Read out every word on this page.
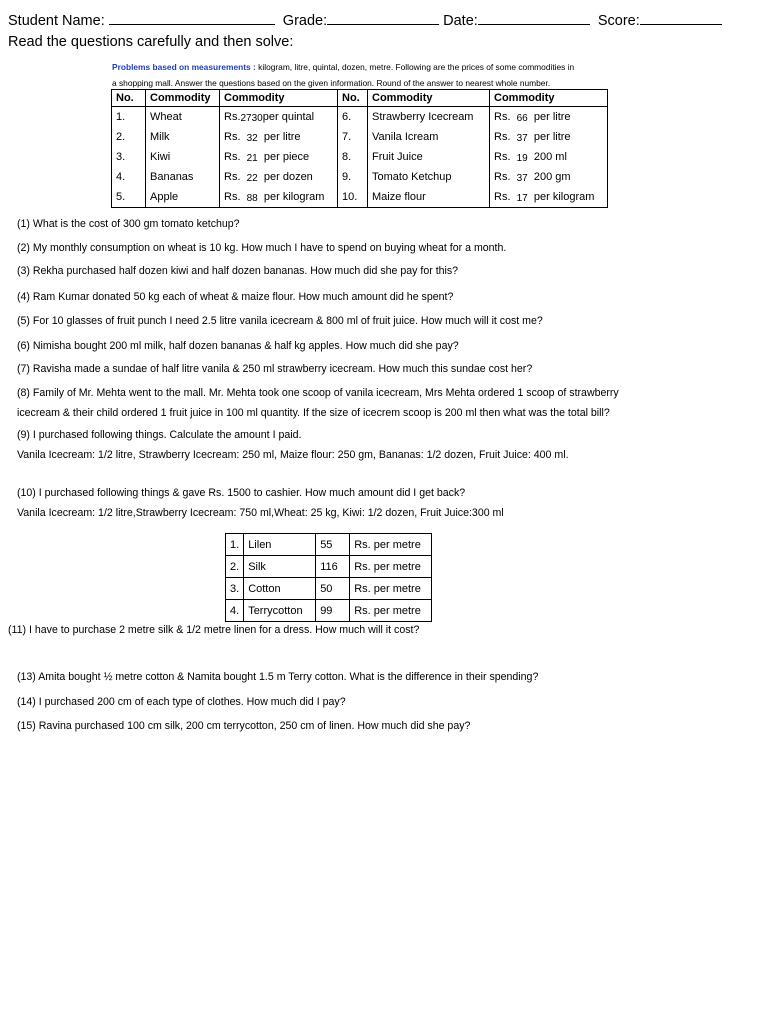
Student Name:	Grade:	Date:	Score:
Read the questions carefully and then solve:
Problems based on measurements : kilogram, litre, quintal, dozen, metre. Following are the prices of some commodities in
a shopping mall. Answer the questions based on the given information. Round of the answer to nearest whole number.
No.	Commodity	Commodity	No.	Commodity	Commodity
1.	Wheat	Rs.2730per quintal	6.	Strawberry Icecream	Rs. 66 per litre
2.	Milk	Rs. 32 per litre	7.	Vanila Icream	Rs. 37 per litre
3.	Kiwi	Rs. 21 per piece	8.	Fruit Juice	Rs. 19 200 ml
4.	Bananas	Rs. 22 per dozen	9.	Tomato Ketchup	Rs. 37 200 gm
5.	Apple	Rs. 88 per kilogram	10.	Maize flour	Rs. 17 per kilogram
(1) What is the cost of 300 gm tomato ketchup?
(2) My monthly consumption on wheat is 10 kg. How much I have to spend on buying wheat for a month.
(3) Rekha purchased half dozen kiwi and half dozen bananas. How much did she pay for this?
(4) Ram Kumar donated 50 kg each of wheat & maize flour. How much amount did he spent?
(5) For 10 glasses of fruit punch I need 2.5 litre vanila icecream & 800 ml of fruit juice. How much will it cost me?
(6) Nimisha bought 200 ml milk, half dozen bananas & half kg apples. How much did she pay?
(7) Ravisha made a sundae of half litre vanila & 250 ml strawberry icecream. How much this sundae cost her?
(8) Family of Mr. Mehta went to the mall. Mr. Mehta took one scoop of vanila icecream, Mrs Mehta ordered 1 scoop of strawberry
icecream & their child ordered 1 fruit juice in 100 ml quantity. If the size of icecrem scoop is 200 ml then what was the total bill?
(9) I purchased following things. Calculate the amount I paid.
Vanila Icecream: 1/2 litre, Strawberry Icecream: 250 ml, Maize flour: 250 gm, Bananas: 1/2 dozen, Fruit Juice: 400 ml.
(10) I purchased following things & gave Rs. 1500 to cashier. How much amount did I get back?
Vanila Icecream: 1/2 litre,Strawberry Icecream: 750 ml,Wheat: 25 kg, Kiwi: 1/2 dozen, Fruit Juice:300 ml
1.	Lilen	55	Rs. per metre
2.	Silk	116	Rs. per metre
3.	Cotton	50	Rs. per metre
4.	Terrycotton	99	Rs. per metre
(11) I have to purchase 2 metre silk & 1/2 metre linen for a dress. How much will it cost?
(13) Amita bought ½ metre cotton & Namita bought 1.5 m Terry cotton. What is the difference in their spending?
(14) I purchased 200 cm of each type of clothes. How much did I pay?
(15) Ravina purchased 100 cm silk, 200 cm terrycotton, 250 cm of linen. How much did she pay?
